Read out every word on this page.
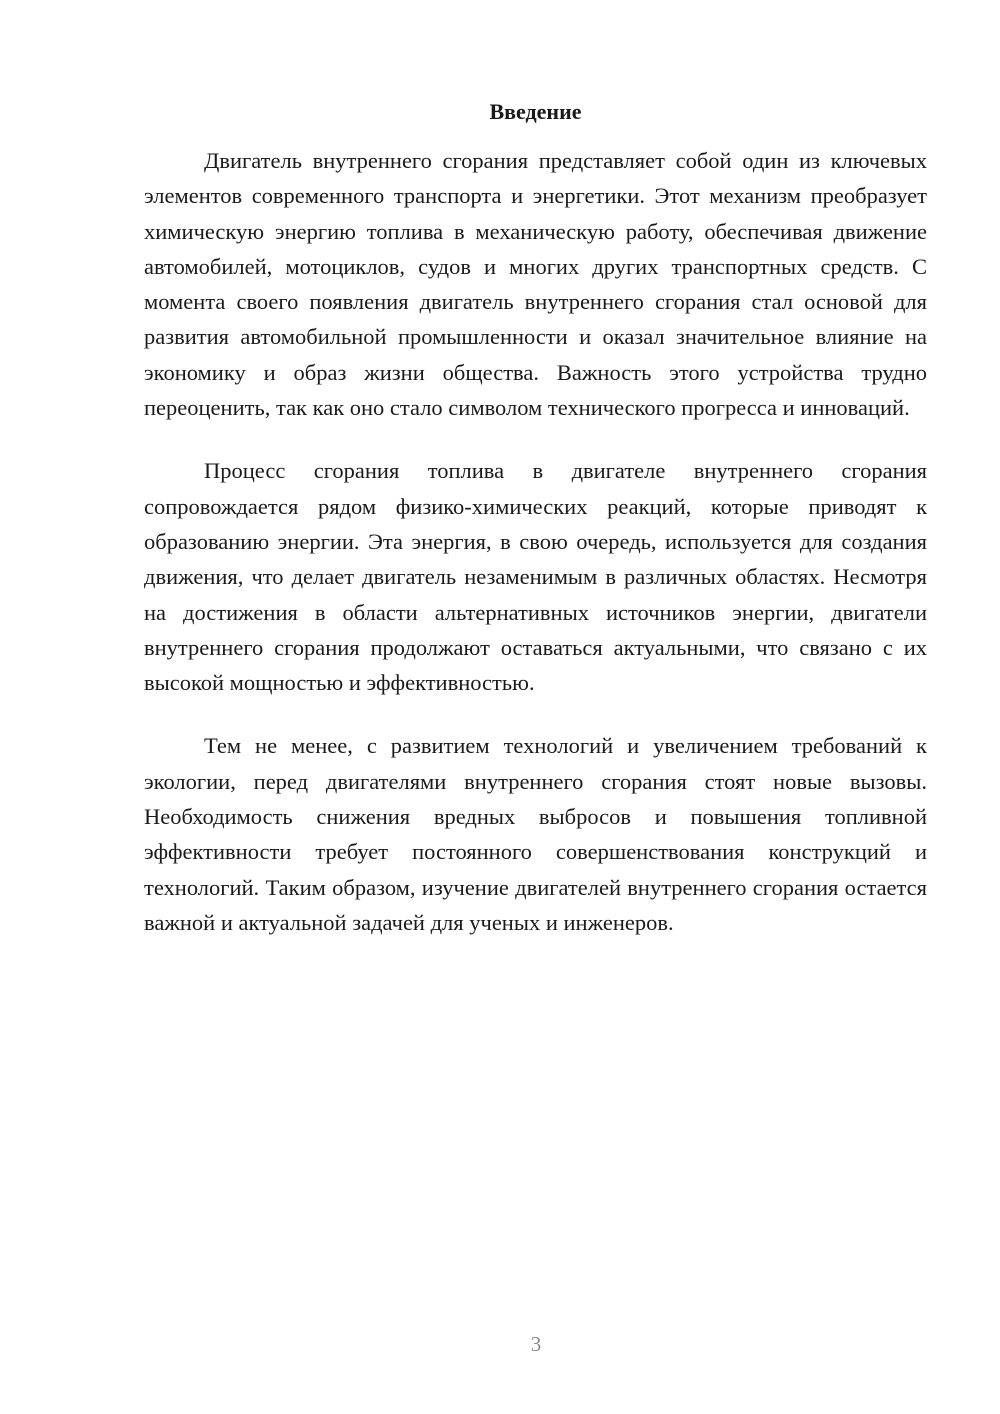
Введение

Двигатель внутреннего сгорания представляет собой один из ключевых элементов современного транспорта и энергетики. Этот механизм преобразует химическую энергию топлива в механическую работу, обеспечивая движение автомобилей, мотоциклов, судов и многих других транспортных средств. С момента своего появления двигатель внутреннего сгорания стал основой для развития автомобильной промышленности и оказал значительное влияние на экономику и образ жизни общества. Важность этого устройства трудно переоценить, так как оно стало символом технического прогресса и инноваций.

Процесс сгорания топлива в двигателе внутреннего сгорания сопровождается рядом физико-химических реакций, которые приводят к образованию энергии. Эта энергия, в свою очередь, используется для создания движения, что делает двигатель незаменимым в различных областях. Несмотря на достижения в области альтернативных источников энергии, двигатели внутреннего сгорания продолжают оставаться актуальными, что связано с их высокой мощностью и эффективностью.

Тем не менее, с развитием технологий и увеличением требований к экологии, перед двигателями внутреннего сгорания стоят новые вызовы. Необходимость снижения вредных выбросов и повышения топливной эффективности требует постоянного совершенствования конструкций и технологий. Таким образом, изучение двигателей внутреннего сгорания остается важной и актуальной задачей для ученых и инженеров.

3
